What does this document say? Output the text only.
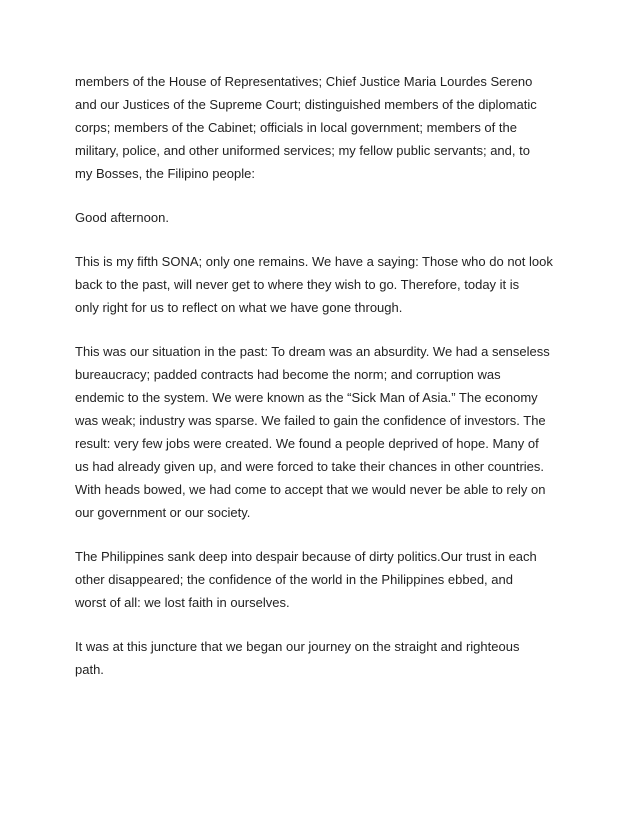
members of the House of Representatives; Chief Justice Maria Lourdes Sereno
and our Justices of the Supreme Court; distinguished members of the diplomatic
corps; members of the Cabinet; officials in local government; members of the
military, police, and other uniformed services; my fellow public servants; and, to
my Bosses, the Filipino people:

Good afternoon.

This is my fifth SONA; only one remains. We have a saying: Those who do not look
back to the past, will never get to where they wish to go. Therefore, today it is
only right for us to reflect on what we have gone through.

This was our situation in the past: To dream was an absurdity. We had a senseless
bureaucracy; padded contracts had become the norm; and corruption was
endemic to the system. We were known as the “Sick Man of Asia.” The economy
was weak; industry was sparse. We failed to gain the confidence of investors. The
result: very few jobs were created. We found a people deprived of hope. Many of
us had already given up, and were forced to take their chances in other countries.
With heads bowed, we had come to accept that we would never be able to rely on
our government or our society.

The Philippines sank deep into despair because of dirty politics.Our trust in each
other disappeared; the confidence of the world in the Philippines ebbed, and
worst of all: we lost faith in ourselves.

It was at this juncture that we began our journey on the straight and righteous
path.
